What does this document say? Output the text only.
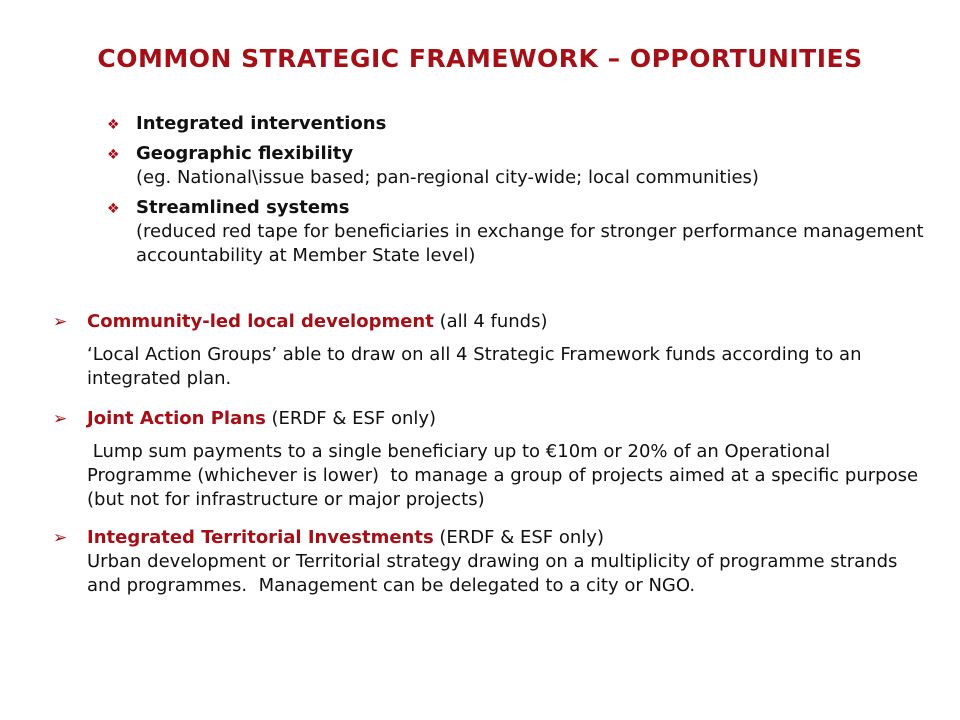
COMMON STRATEGIC FRAMEWORK – OPPORTUNITIES
❖ Integrated interventions
❖ Geographic flexibility
(eg. National\issue based; pan-regional city-wide; local communities)
❖ Streamlined systems
(reduced red tape for beneficiaries in exchange for stronger performance management accountability at Member State level)
➢ Community-led local development (all 4 funds)
‘Local Action Groups’ able to draw on all 4 Strategic Framework funds according to an integrated plan.
➢ Joint Action Plans (ERDF & ESF only)
Lump sum payments to a single beneficiary up to €10m or 20% of an Operational Programme (whichever is lower)  to manage a group of projects aimed at a specific purpose (but not for infrastructure or major projects)
➢ Integrated Territorial Investments (ERDF & ESF only)
Urban development or Territorial strategy drawing on a multiplicity of programme strands and programmes.  Management can be delegated to a city or NGO.
